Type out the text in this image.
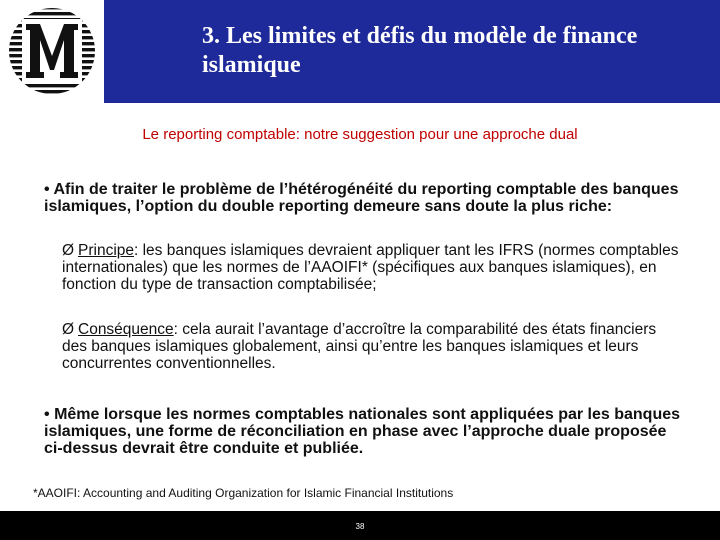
3. Les limites et défis du modèle de finance islamique
Le reporting comptable: notre suggestion pour une approche dual
• Afin de traiter le problème de l’hétérogénéité du reporting comptable des banques islamiques, l’option du double reporting demeure sans doute la plus riche:
Ø Principe: les banques islamiques devraient appliquer tant les IFRS (normes comptables internationales) que les normes de l’AAOIFI* (spécifiques aux banques islamiques), en fonction du type de transaction comptabilisée;
Ø Conséquence: cela aurait l’avantage d’accroître la comparabilité des états financiers des banques islamiques globalement, ainsi qu’entre les banques islamiques et leurs concurrentes conventionnelles.
• Même lorsque les normes comptables nationales sont appliquées par les banques islamiques, une forme de réconciliation en phase avec l’approche duale proposée ci-dessus devrait être conduite et publiée.
*AAOIFI: Accounting and Auditing Organization for Islamic Financial Institutions
38
